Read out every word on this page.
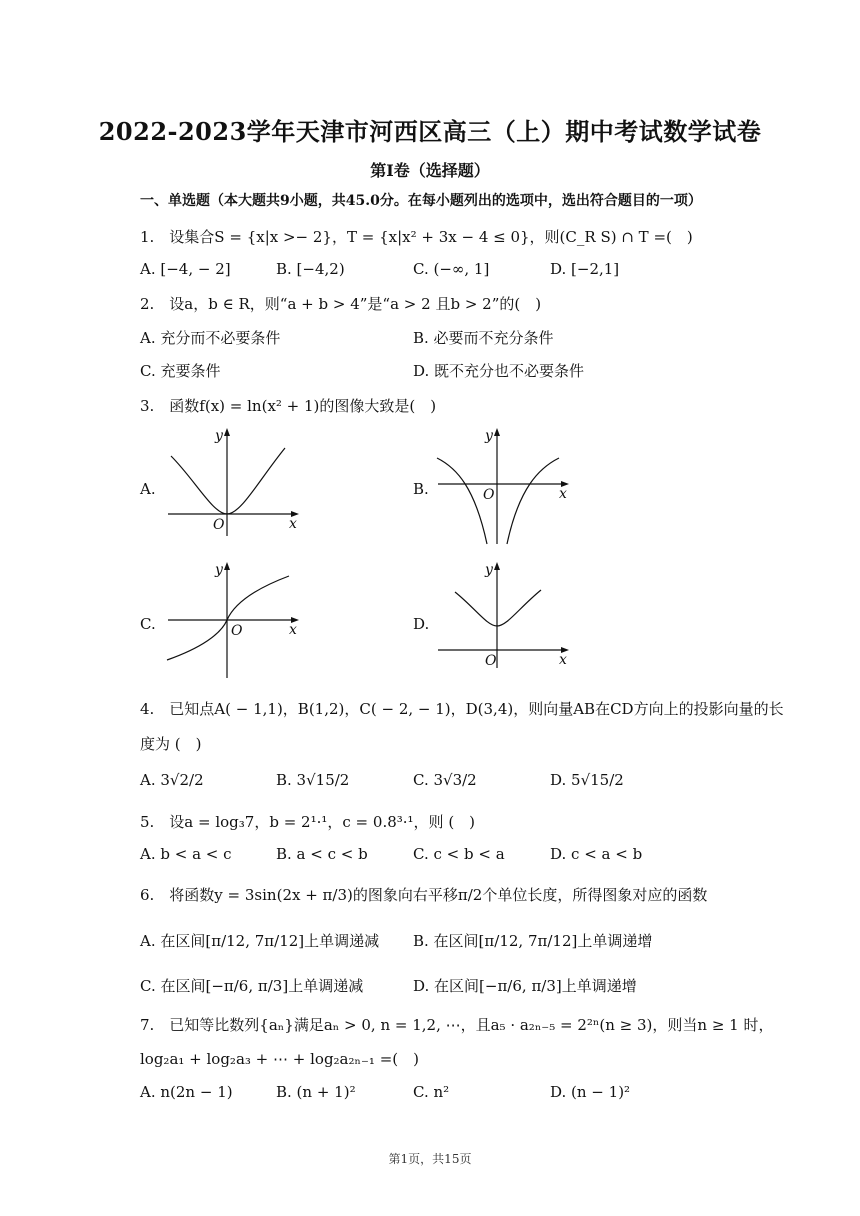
2022-2023学年天津市河西区高三（上）期中考试数学试卷
第Ⅰ卷（选择题）
一、单选题（本大题共9小题，共45.0分。在每小题列出的选项中，选出符合题目的一项）
1.　设集合S = {x|x >− 2}，T = {x|x² + 3x − 4 ≤ 0}，则(C_R S) ∩ T =(　)
A. [−4, − 2]	B. [−4,2)	C. (−∞, 1]	D. [−2,1]
2.　设a，b ∈ R，则“a + b > 4”是“a > 2 且b > 2”的(　)
A. 充分而不必要条件	B. 必要而不充分条件
C. 充要条件	D. 既不充分也不必要条件
3.　函数f(x) = ln(x² + 1)的图像大致是(　)
A.
y
x
O
B.
y
x
O
C.
y
x
O	D.
y
x
O
4.　已知点A( − 1,1)，B(1,2)，C( − 2, − 1)，D(3,4)，则向量AB在CD方向上的投影向量的长
度为 (　)
A. 3√2/2	B. 3√15/2	C. 3√3/2	D. 5√15/2
5.　设a = log₃7，b = 2¹·¹，c = 0.8³·¹，则 (　)
A. b < a < c	B. a < c < b	C. c < b < a	D. c < a < b
6.　将函数y = 3sin(2x + π/3)的图象向右平移π/2个单位长度，所得图象对应的函数
A. 在区间[π/12, 7π/12]上单调递减 B. 在区间[π/12, 7π/12]上单调递增
C. 在区间[−π/6, π/3]上单调递减	D. 在区间[−π/6, π/3]上单调递增
7.　已知等比数列{aₙ}满足aₙ > 0, n = 1,2, ⋯，且a₅ · a₂ₙ₋₅ = 2²ⁿ(n ≥ 3)，则当n ≥ 1 时，
log₂a₁ + log₂a₃ + ⋯ + log₂a₂ₙ₋₁ =(　)
A. n(2n − 1)	B. (n + 1)²	C. n²	D. (n − 1)²
第1页，共15页
